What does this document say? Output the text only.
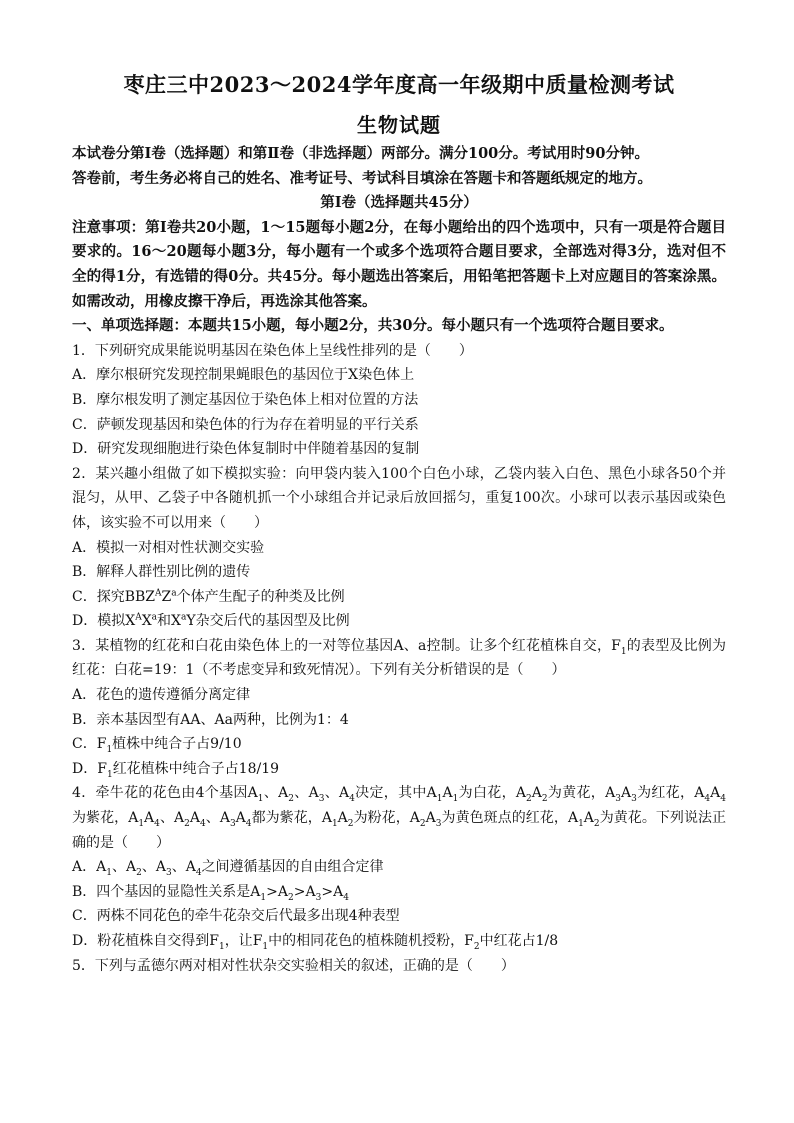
枣庄三中2023～2024学年度高一年级期中质量检测考试
生物试题
本试卷分第Ⅰ卷（选择题）和第Ⅱ卷（非选择题）两部分。满分100分。考试用时90分钟。
答卷前，考生务必将自己的姓名、准考证号、考试科目填涂在答题卡和答题纸规定的地方。
第Ⅰ卷（选择题共45分）
注意事项：第Ⅰ卷共20小题，1～15题每小题2分，在每小题给出的四个选项中，只有一项是符合题目要求的。16～20题每小题3分，每小题有一个或多个选项符合题目要求，全部选对得3分，选对但不全的得1分，有选错的得0分。共45分。每小题选出答案后，用铅笔把答题卡上对应题目的答案涂黑。如需改动，用橡皮擦干净后，再选涂其他答案。
一、单项选择题：本题共15小题，每小题2分，共30分。每小题只有一个选项符合题目要求。
1．下列研究成果能说明基因在染色体上呈线性排列的是（　　）
A．摩尔根研究发现控制果蝇眼色的基因位于X染色体上
B．摩尔根发明了测定基因位于染色体上相对位置的方法
C．萨顿发现基因和染色体的行为存在着明显的平行关系
D．研究发现细胞进行染色体复制时中伴随着基因的复制
2．某兴趣小组做了如下模拟实验：向甲袋内装入100个白色小球，乙袋内装入白色、黑色小球各50个并混匀，从甲、乙袋子中各随机抓一个小球组合并记录后放回摇匀，重复100次。小球可以表示基因或染色体，该实验不可以用来（　　）
A．模拟一对相对性状测交实验
B．解释人群性别比例的遗传
C．探究$BBZ^AZ^a$个体产生配子的种类及比例
D．模拟$X^AX^a$和$X^aY$杂交后代的基因型及比例
3．某植物的红花和白花由染色体上的一对等位基因A、a控制。让多个红花植株自交，$F_1$的表型及比例为红花：白花=19：1（不考虑变异和致死情况）。下列有关分析错误的是（　　）
A．花色的遗传遵循分离定律
B．亲本基因型有AA、Aa两种，比例为1：4
C．$F_1$植株中纯合子占9/10
D．$F_1$红花植株中纯合子占18/19
4．牵牛花的花色由4个基因$A_1$、$A_2$、$A_3$、$A_4$决定，其中$A_1A_1$为白花，$A_2A_2$为黄花，$A_3A_3$为红花，$A_4A_4$为紫花，$A_1A_4$、$A_2A_4$、$A_3A_4$都为紫花，$A_1A_2$为粉花，$A_2A_3$为黄色斑点的红花，$A_1A_2$为黄花。下列说法正确的是（　　）
A．$A_1$、$A_2$、$A_3$、$A_4$之间遵循基因的自由组合定律
B．四个基因的显隐性关系是$A_1>A_2>A_3>A_4$
C．两株不同花色的牵牛花杂交后代最多出现4种表型
D．粉花植株自交得到$F_1$，让$F_1$中的相同花色的植株随机授粉，$F_2$中红花占1/8
5．下列与孟德尔两对相对性状杂交实验相关的叙述，正确的是（　　）
